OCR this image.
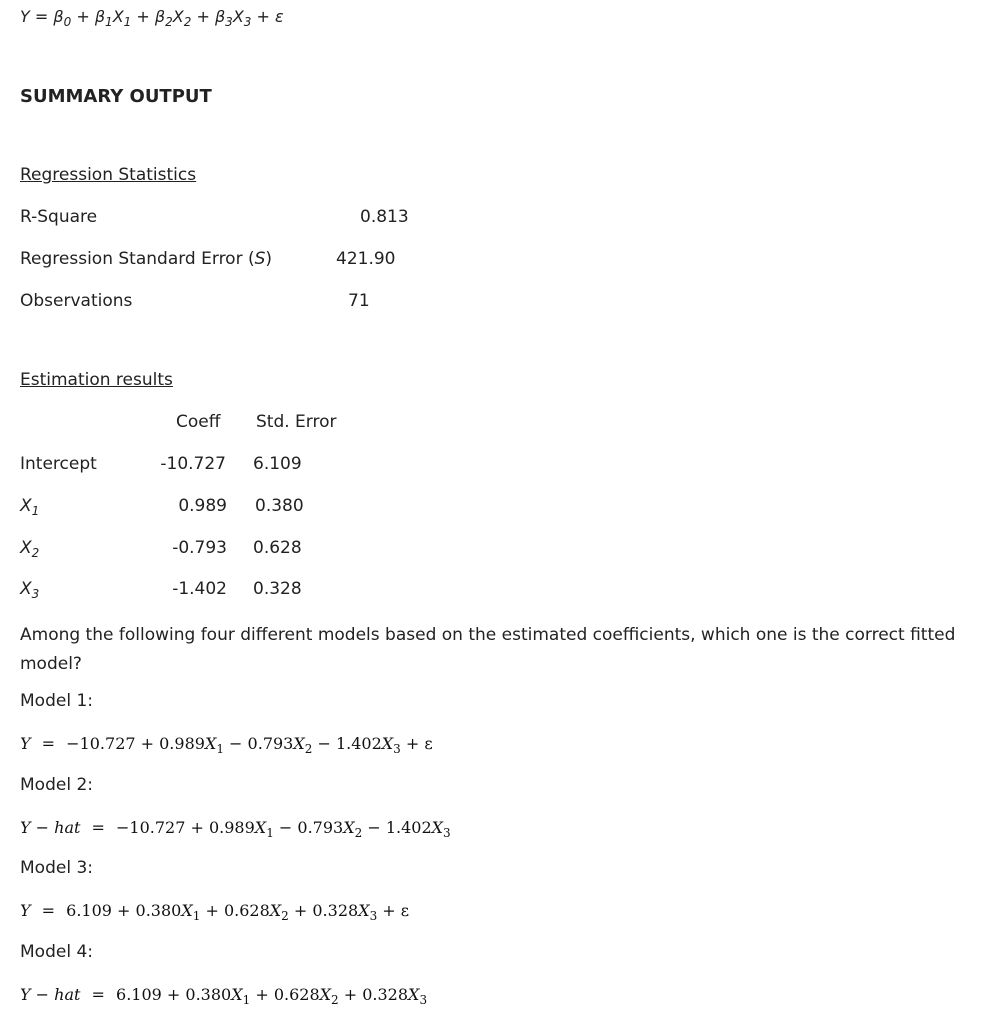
$Y = \beta_0 + \beta_1X_1 + \beta_2X_2 + \beta_3X_3 + \varepsilon$
SUMMARY OUTPUT
Regression Statistics
R-Square	0.813
Regression Standard Error (S)	421.90
Observations	71
Estimation results
Coeff Std. Error
Intercept	-10.727 6.109
$X_1$	0.989 0.380
$X_2$	-0.793 0.628
$X_3$	-1.402 0.328
Among the following four different models based on the estimated coefficients, which one is the correct fitted model?
Model 1:
$Y = -10.727 + 0.989X_1 - 0.793X_2 - 1.402X_3 + \varepsilon$
Model 2:
Y − hat = $-10.727 + 0.989X_1 - 0.793X_2 - 1.402X_3$
Model 3:
$Y = 6.109 + 0.380X_1 + 0.628X_2 + 0.328X_3 + \varepsilon$
Model 4:
Y − hat = $6.109 + 0.380X_1 + 0.628X_2 + 0.328X_3$
